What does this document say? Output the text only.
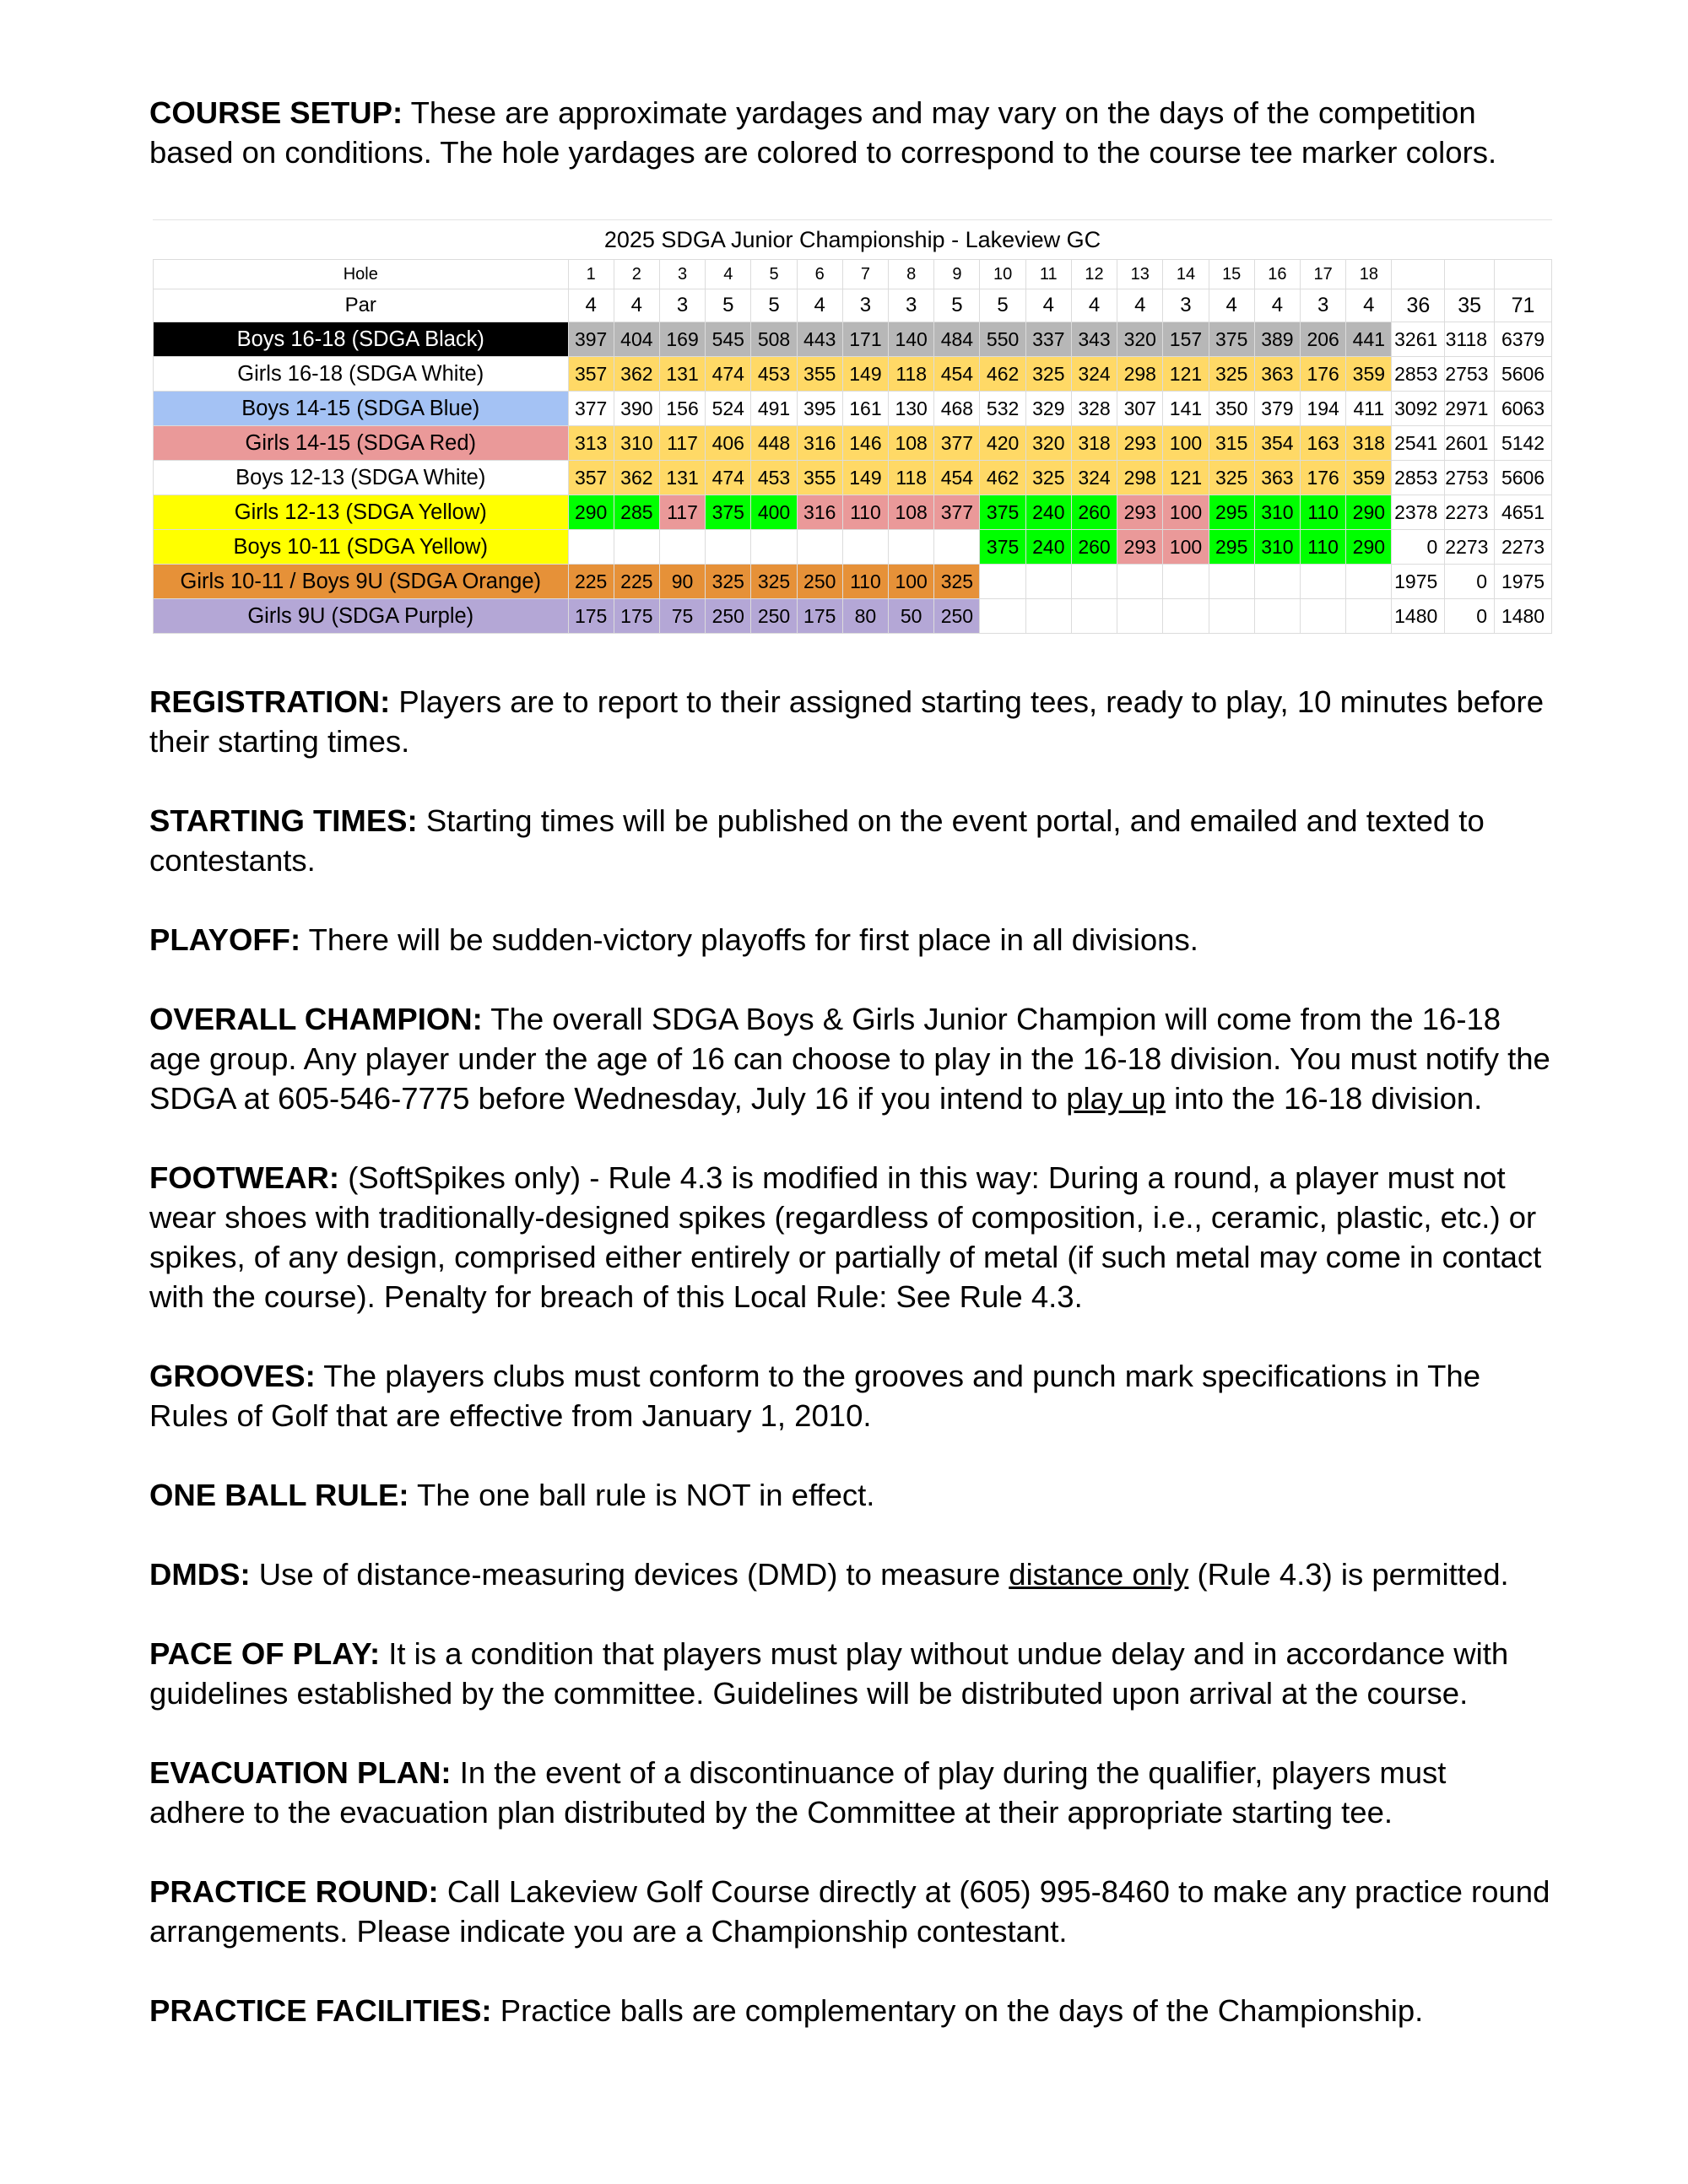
COURSE SETUP: These are approximate yardages and may vary on the days of the competition based on conditions. The hole yardages are colored to correspond to the course tee marker colors.

2025 SDGA Junior Championship - Lakeview GC
Hole	1	2	3	4	5	6	7	8	9	10	11	12	13	14	15	16	17	18			
Par	4	4	3	5	5	4	3	3	5	5	4	4	4	3	4	4	3	4	36	35	71
Boys 16-18 (SDGA Black)	397	404	169	545	508	443	171	140	484	550	337	343	320	157	375	389	206	441	3261	3118	6379
Girls 16-18 (SDGA White)	357	362	131	474	453	355	149	118	454	462	325	324	298	121	325	363	176	359	2853	2753	5606
Boys 14-15 (SDGA Blue)	377	390	156	524	491	395	161	130	468	532	329	328	307	141	350	379	194	411	3092	2971	6063
Girls 14-15 (SDGA Red)	313	310	117	406	448	316	146	108	377	420	320	318	293	100	315	354	163	318	2541	2601	5142
Boys 12-13 (SDGA White)	357	362	131	474	453	355	149	118	454	462	325	324	298	121	325	363	176	359	2853	2753	5606
Girls 12-13 (SDGA Yellow)	290	285	117	375	400	316	110	108	377	375	240	260	293	100	295	310	110	290	2378	2273	4651
Boys 10-11 (SDGA Yellow)										375	240	260	293	100	295	310	110	290	0	2273	2273
Girls 10-11 / Boys 9U (SDGA Orange)	225	225	90	325	325	250	110	100	325										1975	0	1975
Girls 9U (SDGA Purple)	175	175	75	250	250	175	80	50	250										1480	0	1480

REGISTRATION: Players are to report to their assigned starting tees, ready to play, 10 minutes before their starting times.

STARTING TIMES: Starting times will be published on the event portal, and emailed and texted to contestants.

PLAYOFF: There will be sudden-victory playoffs for first place in all divisions.

OVERALL CHAMPION: The overall SDGA Boys & Girls Junior Champion will come from the 16-18 age group. Any player under the age of 16 can choose to play in the 16-18 division. You must notify the SDGA at 605-546-7775 before Wednesday, July 16 if you intend to play up into the 16-18 division.

FOOTWEAR: (SoftSpikes only) - Rule 4.3 is modified in this way: During a round, a player must not wear shoes with traditionally-designed spikes (regardless of composition, i.e., ceramic, plastic, etc.) or spikes, of any design, comprised either entirely or partially of metal (if such metal may come in contact with the course). Penalty for breach of this Local Rule: See Rule 4.3.

GROOVES: The players clubs must conform to the grooves and punch mark specifications in The Rules of Golf that are effective from January 1, 2010.

ONE BALL RULE: The one ball rule is NOT in effect.

DMDS: Use of distance-measuring devices (DMD) to measure distance only (Rule 4.3) is permitted.

PACE OF PLAY: It is a condition that players must play without undue delay and in accordance with guidelines established by the committee. Guidelines will be distributed upon arrival at the course.

EVACUATION PLAN: In the event of a discontinuance of play during the qualifier, players must adhere to the evacuation plan distributed by the Committee at their appropriate starting tee.

PRACTICE ROUND: Call Lakeview Golf Course directly at (605) 995-8460 to make any practice round arrangements. Please indicate you are a Championship contestant.

PRACTICE FACILITIES: Practice balls are complementary on the days of the Championship.
